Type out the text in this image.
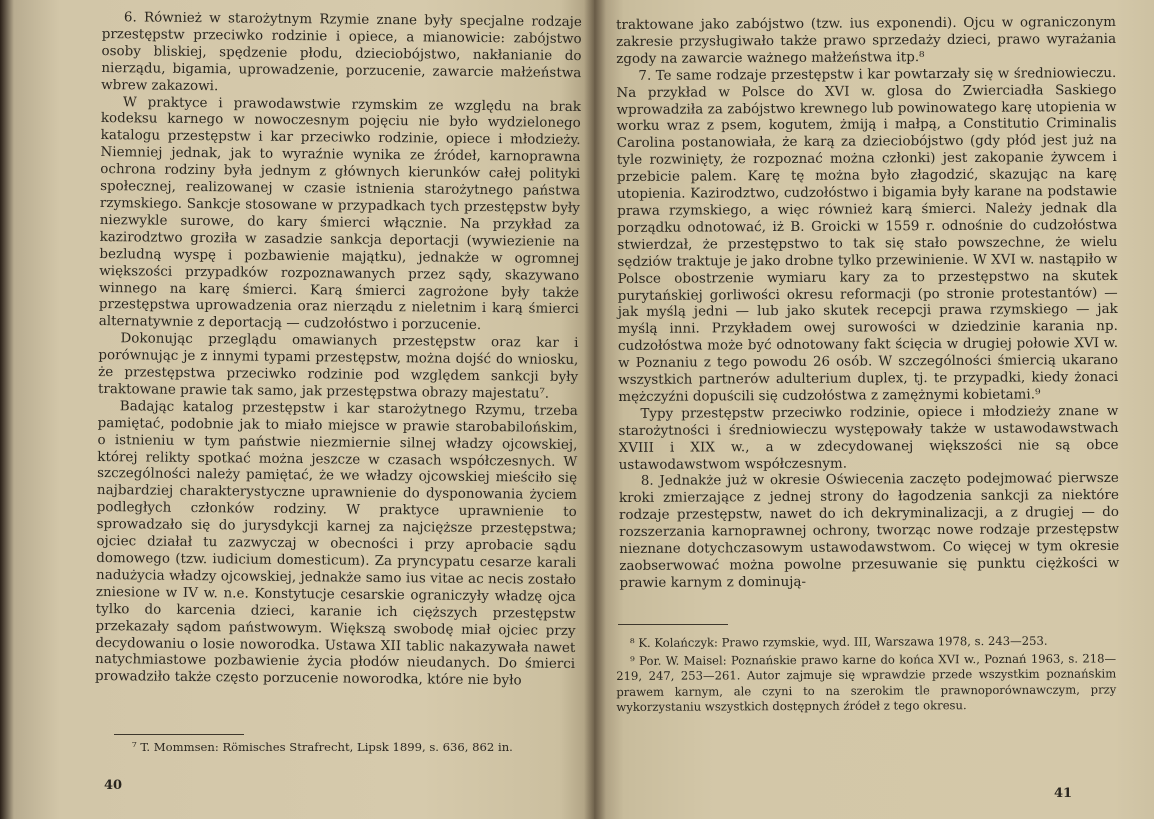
6. Również w starożytnym Rzymie znane były specjalne rodzaje przestępstw przeciwko rodzinie i opiece, a mianowicie: zabójstwo osoby bliskiej, spędzenie płodu, dzieciobójstwo, nakłanianie do nierządu, bigamia, uprowadzenie, porzucenie, zawarcie małżeństwa wbrew zakazowi.

W praktyce i prawodawstwie rzymskim ze względu na brak kodeksu karnego w nowoczesnym pojęciu nie było wydzielonego katalogu przestępstw i kar przeciwko rodzinie, opiece i młodzieży. Niemniej jednak, jak to wyraźnie wynika ze źródeł, karnoprawna ochrona rodziny była jednym z głównych kierunków całej polityki społecznej, realizowanej w czasie istnienia starożytnego państwa rzymskiego. Sankcje stosowane w przypadkach tych przestępstw były niezwykle surowe, do kary śmierci włącznie. Na przykład za kazirodztwo groziła w zasadzie sankcja deportacji (wywiezienie na bezludną wyspę i pozbawienie majątku), jednakże w ogromnej większości przypadków rozpoznawanych przez sądy, skazywano winnego na karę śmierci. Karą śmierci zagrożone były także przestępstwa uprowadzenia oraz nierządu z nieletnim i karą śmierci alternatywnie z deportacją — cudzołóstwo i porzucenie.

Dokonując przeglądu omawianych przestępstw oraz kar i porównując je z innymi typami przestępstw, można dojść do wniosku, że przestępstwa przeciwko rodzinie pod względem sankcji były traktowane prawie tak samo, jak przestępstwa obrazy majestatu⁷.

Badając katalog przestępstw i kar starożytnego Rzymu, trzeba pamiętać, podobnie jak to miało miejsce w prawie starobabilońskim, o istnieniu w tym państwie niezmiernie silnej władzy ojcowskiej, której relikty spotkać można jeszcze w czasach współczesnych. W szczególności należy pamiętać, że we władzy ojcowskiej mieściło się najbardziej charakterystyczne uprawnienie do dysponowania życiem podległych członków rodziny. W praktyce uprawnienie to sprowadzało się do jurysdykcji karnej za najcięższe przestępstwa; ojciec działał tu zazwyczaj w obecności i przy aprobacie sądu domowego (tzw. iudicium domesticum). Za pryncypatu cesarze karali nadużycia władzy ojcowskiej, jednakże samo ius vitae ac necis zostało zniesione w IV w. n.e. Konstytucje cesarskie ograniczyły władzę ojca tylko do karcenia dzieci, karanie ich cięższych przestępstw przekazały sądom państwowym. Większą swobodę miał ojciec przy decydowaniu o losie noworodka. Ustawa XII tablic nakazywała nawet natychmiastowe pozbawienie życia płodów nieudanych. Do śmierci prowadziło także często porzucenie noworodka, które nie było

⁷ T. Mommsen: Römisches Strafrecht, Lipsk 1899, s. 636, 862 in.

40

traktowane jako zabójstwo (tzw. ius exponendi). Ojcu w ograniczonym zakresie przysługiwało także prawo sprzedaży dzieci, prawo wyrażania zgody na zawarcie ważnego małżeństwa itp.⁸

7. Te same rodzaje przestępstw i kar powtarzały się w średniowieczu. Na przykład w Polsce do XVI w. glosa do Zwierciadła Saskiego wprowadziła za zabójstwo krewnego lub powinowatego karę utopienia w worku wraz z psem, kogutem, żmiją i małpą, a Constitutio Criminalis Carolina postanowiała, że karą za dzieciobójstwo (gdy płód jest już na tyle rozwinięty, że rozpoznać można członki) jest zakopanie żywcem i przebicie palem. Karę tę można było złagodzić, skazując na karę utopienia. Kazirodztwo, cudzołóstwo i bigamia były karane na podstawie prawa rzymskiego, a więc również karą śmierci. Należy jednak dla porządku odnotować, iż B. Groicki w 1559 r. odnośnie do cudzołóstwa stwierdzał, że przestępstwo to tak się stało powszechne, że wielu sędziów traktuje je jako drobne tylko przewinienie. W XVI w. nastąpiło w Polsce obostrzenie wymiaru kary za to przestępstwo na skutek purytańskiej gorliwości okresu reformacji (po stronie protestantów) — jak myślą jedni — lub jako skutek recepcji prawa rzymskiego — jak myślą inni. Przykładem owej surowości w dziedzinie karania np. cudzołóstwa może być odnotowany fakt ścięcia w drugiej połowie XVI w. w Poznaniu z tego powodu 26 osób. W szczególności śmiercią ukarano wszystkich partnerów adulterium duplex, tj. te przypadki, kiedy żonaci mężczyźni dopuścili się cudzołóstwa z zamężnymi kobietami.⁹

Typy przestępstw przeciwko rodzinie, opiece i młodzieży znane w starożytności i średniowieczu występowały także w ustawodawstwach XVIII i XIX w., a w zdecydowanej większości nie są obce ustawodawstwom współczesnym.

8. Jednakże już w okresie Oświecenia zaczęto podejmować pierwsze kroki zmierzające z jednej strony do łagodzenia sankcji za niektóre rodzaje przestępstw, nawet do ich dekryminalizacji, a z drugiej — do rozszerzania karnoprawnej ochrony, tworząc nowe rodzaje przestępstw nieznane dotychczasowym ustawodawstwom. Co więcej w tym okresie zaobserwować można powolne przesuwanie się punktu ciężkości w prawie karnym z dominują-

⁸ K. Kolańczyk: Prawo rzymskie, wyd. III, Warszawa 1978, s. 243—253.

⁹ Por. W. Maisel: Poznańskie prawo karne do końca XVI w., Poznań 1963, s. 218—219, 247, 253—261. Autor zajmuje się wprawdzie przede wszystkim poznańskim prawem karnym, ale czyni to na szerokim tle prawnoporównawczym, przy wykorzystaniu wszystkich dostępnych źródeł z tego okresu.

41
